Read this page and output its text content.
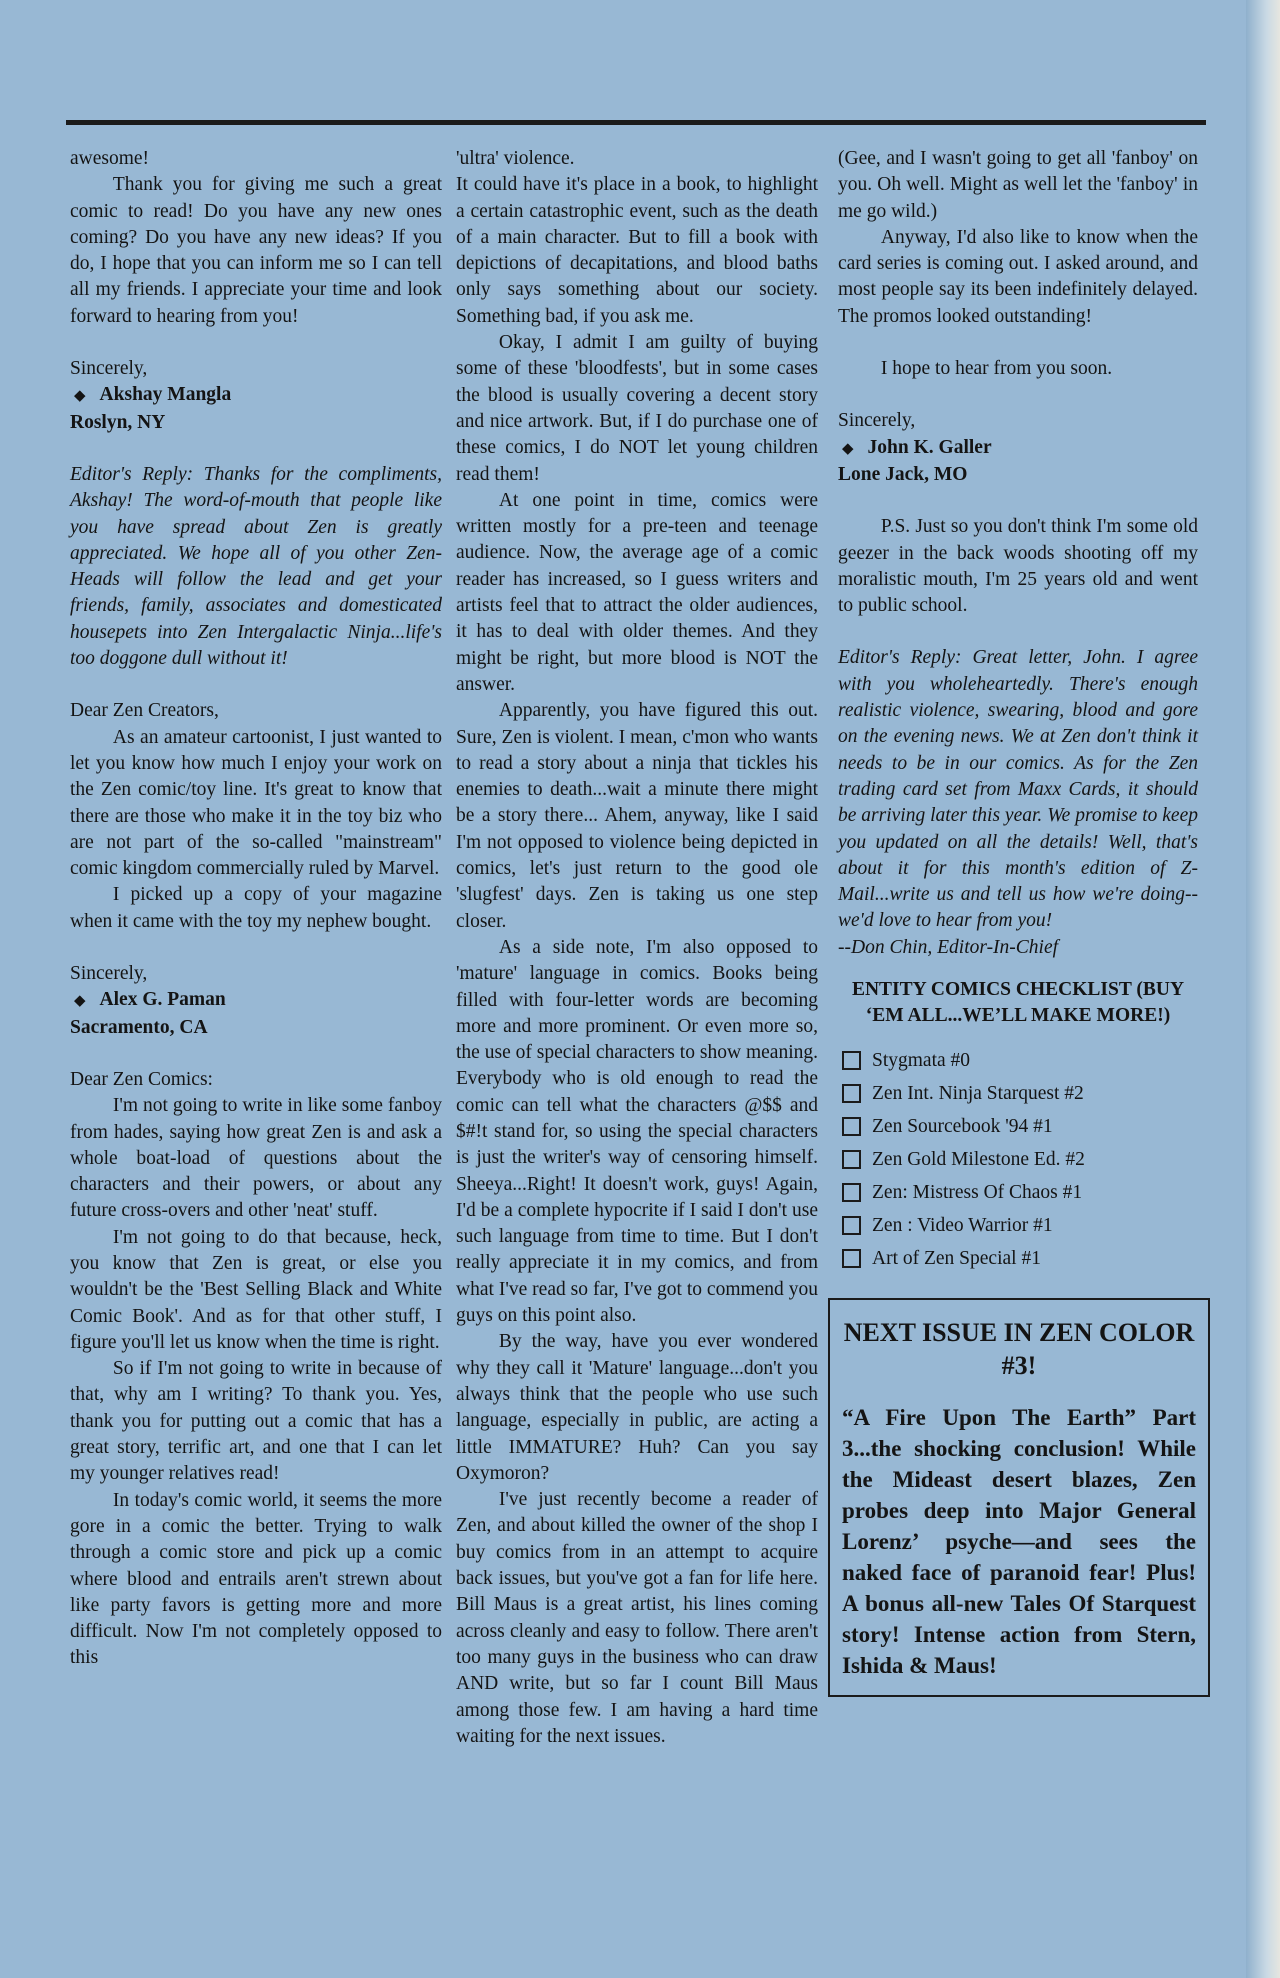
awesome!

Thank you for giving me such a great comic to read! Do you have any new ones coming? Do you have any new ideas? If you do, I hope that you can inform me so I can tell all my friends. I appreciate your time and look forward to hearing from you!

Sincerely,

◆ Akshay Mangla

Roslyn, NY

Editor's Reply: Thanks for the compliments, Akshay! The word-of-mouth that people like you have spread about Zen is greatly appreciated. We hope all of you other Zen-Heads will follow the lead and get your friends, family, associates and domesticated housepets into Zen Intergalactic Ninja...life's too doggone dull without it!

Dear Zen Creators,

As an amateur cartoonist, I just wanted to let you know how much I enjoy your work on the Zen comic/toy line. It's great to know that there are those who make it in the toy biz who are not part of the so-called "mainstream" comic kingdom commercially ruled by Marvel.

I picked up a copy of your magazine when it came with the toy my nephew bought.

Sincerely,

◆ Alex G. Paman

Sacramento, CA

Dear Zen Comics:

I'm not going to write in like some fanboy from hades, saying how great Zen is and ask a whole boat-load of questions about the characters and their powers, or about any future cross-overs and other 'neat' stuff.

I'm not going to do that because, heck, you know that Zen is great, or else you wouldn't be the 'Best Selling Black and White Comic Book'. And as for that other stuff, I figure you'll let us know when the time is right.

So if I'm not going to write in because of that, why am I writing? To thank you. Yes, thank you for putting out a comic that has a great story, terrific art, and one that I can let my younger relatives read!

In today's comic world, it seems the more gore in a comic the better. Trying to walk through a comic store and pick up a comic where blood and entrails aren't strewn about like party favors is getting more and more difficult. Now I'm not completely opposed to this

'ultra' violence.

It could have it's place in a book, to highlight a certain catastrophic event, such as the death of a main character. But to fill a book with depictions of decapitations, and blood baths only says something about our society. Something bad, if you ask me.

Okay, I admit I am guilty of buying some of these 'bloodfests', but in some cases the blood is usually covering a decent story and nice artwork. But, if I do purchase one of these comics, I do NOT let young children read them!

At one point in time, comics were written mostly for a pre-teen and teenage audience. Now, the average age of a comic reader has increased, so I guess writers and artists feel that to attract the older audiences, it has to deal with older themes. And they might be right, but more blood is NOT the answer.

Apparently, you have figured this out. Sure, Zen is violent. I mean, c'mon who wants to read a story about a ninja that tickles his enemies to death...wait a minute there might be a story there... Ahem, anyway, like I said I'm not opposed to violence being depicted in comics, let's just return to the good ole 'slugfest' days. Zen is taking us one step closer.

As a side note, I'm also opposed to 'mature' language in comics. Books being filled with four-letter words are becoming more and more prominent. Or even more so, the use of special characters to show meaning. Everybody who is old enough to read the comic can tell what the characters @$$ and $#!t stand for, so using the special characters is just the writer's way of censoring himself. Sheeya...Right! It doesn't work, guys! Again, I'd be a complete hypocrite if I said I don't use such language from time to time. But I don't really appreciate it in my comics, and from what I've read so far, I've got to commend you guys on this point also.

By the way, have you ever wondered why they call it 'Mature' language...don't you always think that the people who use such language, especially in public, are acting a little IMMATURE? Huh? Can you say Oxymoron?

I've just recently become a reader of Zen, and about killed the owner of the shop I buy comics from in an attempt to acquire back issues, but you've got a fan for life here. Bill Maus is a great artist, his lines coming across cleanly and easy to follow. There aren't too many guys in the business who can draw AND write, but so far I count Bill Maus among those few. I am having a hard time waiting for the next issues.

(Gee, and I wasn't going to get all 'fanboy' on you. Oh well. Might as well let the 'fanboy' in me go wild.)

Anyway, I'd also like to know when the card series is coming out. I asked around, and most people say its been indefinitely delayed. The promos looked outstanding!

I hope to hear from you soon.

Sincerely,

◆ John K. Galler

Lone Jack, MO

P.S. Just so you don't think I'm some old geezer in the back woods shooting off my moralistic mouth, I'm 25 years old and went to public school.

Editor's Reply: Great letter, John. I agree with you wholeheartedly. There's enough realistic violence, swearing, blood and gore on the evening news. We at Zen don't think it needs to be in our comics. As for the Zen trading card set from Maxx Cards, it should be arriving later this year. We promise to keep you updated on all the details! Well, that's about it for this month's edition of Z-Mail...write us and tell us how we're doing--we'd love to hear from you!

--Don Chin, Editor-In-Chief

ENTITY COMICS CHECKLIST (BUY ‘EM ALL...WE’LL MAKE MORE!)
Stygmata #0
Zen Int. Ninja Starquest #2
Zen Sourcebook '94 #1
Zen Gold Milestone Ed. #2
Zen: Mistress Of Chaos #1
Zen : Video Warrior #1
Art of Zen Special #1
NEXT ISSUE IN ZEN COLOR #3!
“A Fire Upon The Earth” Part 3...the shocking conclusion! While the Mideast desert blazes, Zen probes deep into Major General Lorenz’ psyche—and sees the naked face of paranoid fear! Plus! A bonus all-new Tales Of Starquest story! Intense action from Stern, Ishida & Maus!
